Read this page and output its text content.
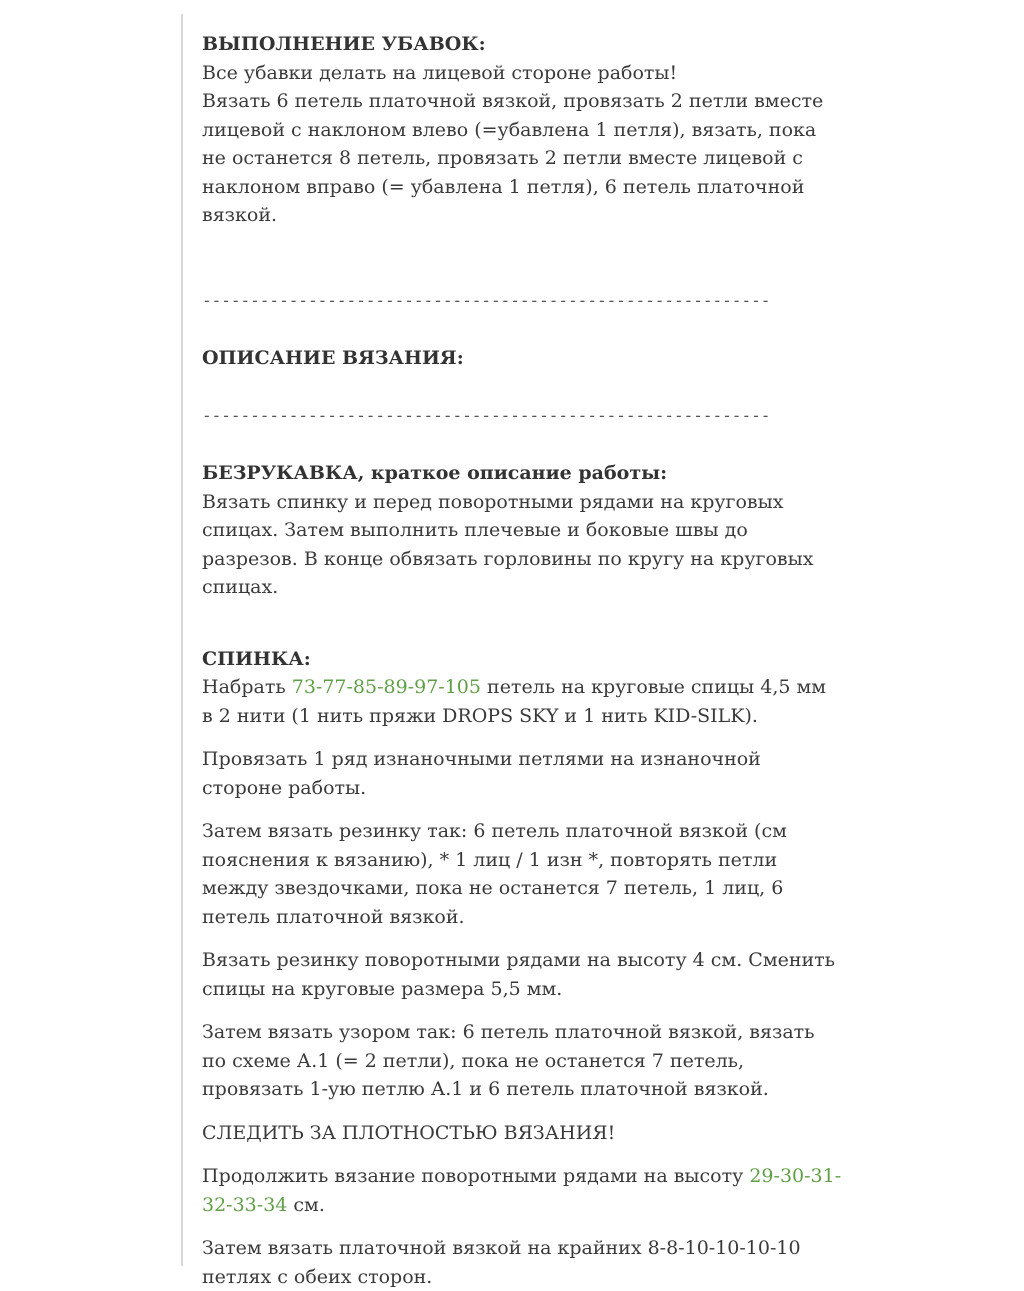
ВЫПОЛНЕНИЕ УБАВОК:

Все убавки делать на лицевой стороне работы!

Вязать 6 петель платочной вязкой, провязать 2 петли вместе лицевой с наклоном влево (=убавлена 1 петля), вязать, пока не останется 8 петель, провязать 2 петли вместе лицевой с наклоном вправо (= убавлена 1 петля), 6 петель платочной вязкой.

-----------------------------------------------------------

ОПИСАНИЕ ВЯЗАНИЯ:

-----------------------------------------------------------

БЕЗРУКАВКА, краткое описание работы:

Вязать спинку и перед поворотными рядами на круговых спицах. Затем выполнить плечевые и боковые швы до разрезов. В конце обвязать горловины по кругу на круговых спицах.

СПИНКА:

Набрать 73-77-85-89-97-105 петель на круговые спицы 4,5 мм в 2 нити (1 нить пряжи DROPS SKY и 1 нить KID-SILK).

Провязать 1 ряд изнаночными петлями на изнаночной стороне работы.

Затем вязать резинку так: 6 петель платочной вязкой (см пояснения к вязанию), * 1 лиц / 1 изн *, повторять петли между звездочками, пока не останется 7 петель, 1 лиц, 6 петель платочной вязкой.

Вязать резинку поворотными рядами на высоту 4 см. Сменить спицы на круговые размера 5,5 мм.

Затем вязать узором так: 6 петель платочной вязкой, вязать по схеме А.1 (= 2 петли), пока не останется 7 петель, провязать 1-ую петлю А.1 и 6 петель платочной вязкой.

СЛЕДИТЬ ЗА ПЛОТНОСТЬЮ ВЯЗАНИЯ!

Продолжить вязание поворотными рядами на высоту 29-30-31-32-33-34 см.

Затем вязать платочной вязкой на крайних 8-8-10-10-10-10 петлях с обеих сторон.
